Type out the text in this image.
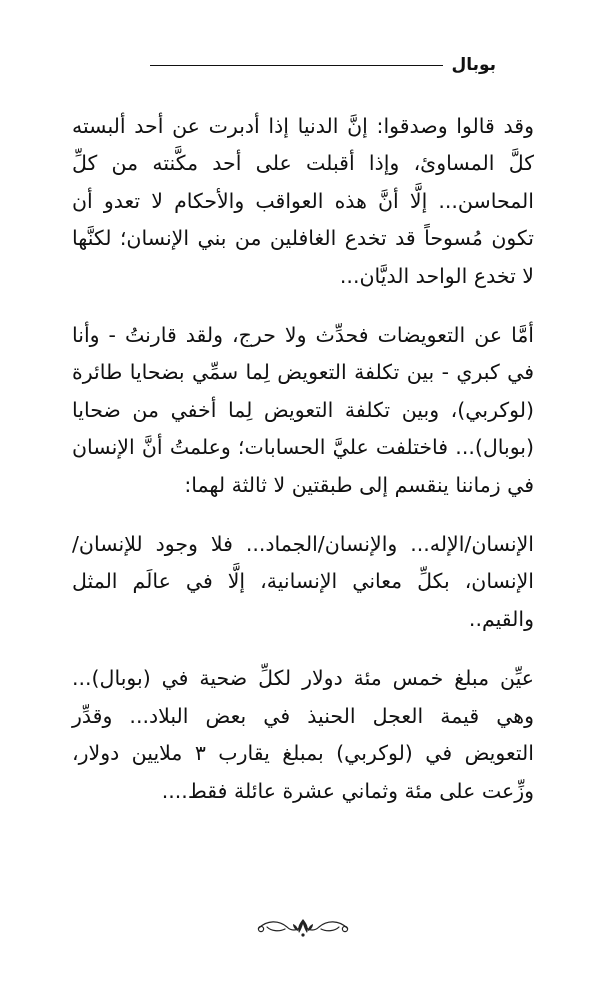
بوبال

وقد قالوا وصدقوا: إنَّ الدنيا إذا أدبرت عن أحد ألبسته كلَّ المساوئ، وإذا أقبلت على أحد مكَّنته من كلِّ المحاسن... إلَّا أنَّ هذه العواقب والأحكام لا تعدو أن تكون مُسوحاً قد تخدع الغافلين من بني الإنسان؛ لكنَّها لا تخدع الواحد الديَّان...

أمَّا عن التعويضات فحدِّث ولا حرج، ولقد قارنتُ - وأنا في كبري - بين تكلفة التعويض لِما سمِّي بضحايا طائرة (لوكربي)، وبين تكلفة التعويض لِما أخفي من ضحايا (بوبال)... فاختلفت عليَّ الحسابات؛ وعلمتُ أنَّ الإنسان في زماننا ينقسم إلى طبقتين لا ثالثة لهما:

الإنسان/الإله... والإنسان/الجماد... فلا وجود للإنسان/الإنسان، بكلِّ معاني الإنسانية، إلَّا في عالَم المثل والقيم..

عيِّن مبلغ خمس مئة دولار لكلِّ ضحية في (بوبال)... وهي قيمة العجل الحنيذ في بعض البلاد... وقدِّر التعويض في (لوكربي) بمبلغ يقارب ٣ ملايين دولار، وزِّعت على مئة وثماني عشرة عائلة فقط....
